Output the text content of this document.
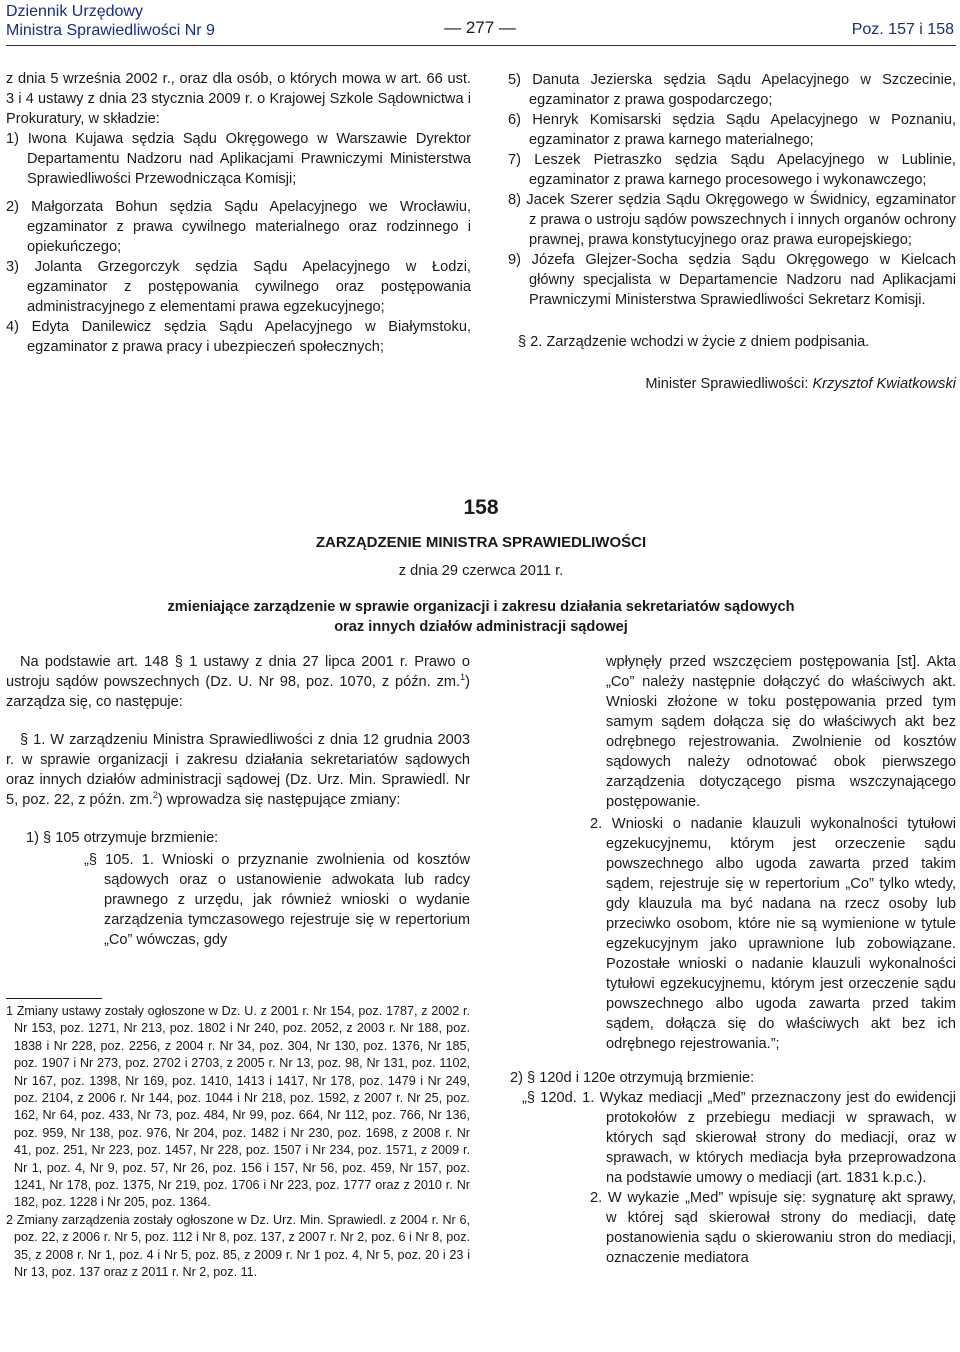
Dziennik Urzędowy
Ministra Sprawiedliwości Nr 9	— 277 —	Poz. 157 i 158

z dnia 5 września 2002 r., oraz dla osób, o których mowa w art. 66 ust. 3 i 4 ustawy z dnia 23 stycznia 2009 r. o Krajowej Szkole Sądownictwa i Prokuratury, w składzie:

1) Iwona Kujawa sędzia Sądu Okręgowego w Warszawie Dyrektor Departamentu Nadzoru nad Aplikacjami Prawniczymi Ministerstwa Sprawiedliwości Przewodnicząca Komisji;

2) Małgorzata Bohun sędzia Sądu Apelacyjnego we Wrocławiu, egzaminator z prawa cywilnego materialnego oraz rodzinnego i opiekuńczego;

3) Jolanta Grzegorczyk sędzia Sądu Apelacyjnego w Łodzi, egzaminator z postępowania cywilnego oraz postępowania administracyjnego z elementami prawa egzekucyjnego;

4) Edyta Danilewicz sędzia Sądu Apelacyjnego w Białymstoku, egzaminator z prawa pracy i ubezpieczeń społecznych;

5) Danuta Jezierska sędzia Sądu Apelacyjnego w Szczecinie, egzaminator z prawa gospodarczego;

6) Henryk Komisarski sędzia Sądu Apelacyjnego w Poznaniu, egzaminator z prawa karnego materialnego;

7) Leszek Pietraszko sędzia Sądu Apelacyjnego w Lublinie, egzaminator z prawa karnego procesowego i wykonawczego;

8) Jacek Szerer sędzia Sądu Okręgowego w Świdnicy, egzaminator z prawa o ustroju sądów powszechnych i innych organów ochrony prawnej, prawa konstytucyjnego oraz prawa europejskiego;

9) Józefa Glejzer-Socha sędzia Sądu Okręgowego w Kielcach główny specjalista w Departamencie Nadzoru nad Aplikacjami Prawniczymi Ministerstwa Sprawiedliwości Sekretarz Komisji.

§ 2. Zarządzenie wchodzi w życie z dniem podpisania.

Minister Sprawiedliwości: Krzysztof Kwiatkowski

158
ZARZĄDZENIE MINISTRA SPRAWIEDLIWOŚCI
z dnia 29 czerwca 2011 r.
zmieniające zarządzenie w sprawie organizacji i zakresu działania sekretariatów sądowych
oraz innych działów administracji sądowej

Na podstawie art. 148 § 1 ustawy z dnia 27 lipca 2001 r. Prawo o ustroju sądów powszechnych (Dz. U. Nr 98, poz. 1070, z późn. zm.$^1$) zarządza się, co następuje:

§ 1. W zarządzeniu Ministra Sprawiedliwości z dnia 12 grudnia 2003 r. w sprawie organizacji i zakresu działania sekretariatów sądowych oraz innych działów administracji sądowej (Dz. Urz. Min. Sprawiedl. Nr 5, poz. 22, z późn. zm.$^2$) wprowadza się następujące zmiany:

1) § 105 otrzymuje brzmienie:

„§ 105. 1. Wnioski o przyznanie zwolnienia od kosztów sądowych oraz o ustanowienie adwokata lub radcy prawnego z urzędu, jak również wnioski o wydanie zarządzenia tymczasowego rejestruje się w repertorium „Co” wówczas, gdy

1 Zmiany ustawy zostały ogłoszone w Dz. U. z 2001 r. Nr 154, poz. 1787, z 2002 r. Nr 153, poz. 1271, Nr 213, poz. 1802 i Nr 240, poz. 2052, z 2003 r. Nr 188, poz. 1838 i Nr 228, poz. 2256, z 2004 r. Nr 34, poz. 304, Nr 130, poz. 1376, Nr 185, poz. 1907 i Nr 273, poz. 2702 i 2703, z 2005 r. Nr 13, poz. 98, Nr 131, poz. 1102, Nr 167, poz. 1398, Nr 169, poz. 1410, 1413 i 1417, Nr 178, poz. 1479 i Nr 249, poz. 2104, z 2006 r. Nr 144, poz. 1044 i Nr 218, poz. 1592, z 2007 r. Nr 25, poz. 162, Nr 64, poz. 433, Nr 73, poz. 484, Nr 99, poz. 664, Nr 112, poz. 766, Nr 136, poz. 959, Nr 138, poz. 976, Nr 204, poz. 1482 i Nr 230, poz. 1698, z 2008 r. Nr 41, poz. 251, Nr 223, poz. 1457, Nr 228, poz. 1507 i Nr 234, poz. 1571, z 2009 r. Nr 1, poz. 4, Nr 9, poz. 57, Nr 26, poz. 156 i 157, Nr 56, poz. 459, Nr 157, poz. 1241, Nr 178, poz. 1375, Nr 219, poz. 1706 i Nr 223, poz. 1777 oraz z 2010 r. Nr 182, poz. 1228 i Nr 205, poz. 1364.

2 Zmiany zarządzenia zostały ogłoszone w Dz. Urz. Min. Sprawiedl. z 2004 r. Nr 6, poz. 22, z 2006 r. Nr 5, poz. 112 i Nr 8, poz. 137, z 2007 r. Nr 2, poz. 6 i Nr 8, poz. 35, z 2008 r. Nr 1, poz. 4 i Nr 5, poz. 85, z 2009 r. Nr 1 poz. 4, Nr 5, poz. 20 i 23 i Nr 13, poz. 137 oraz z 2011 r. Nr 2, poz. 11.

wpłynęły przed wszczęciem postępowania [st]. Akta „Co” należy następnie dołączyć do właściwych akt. Wnioski złożone w toku postępowania przed tym samym sądem dołącza się do właściwych akt bez odrębnego rejestrowania. Zwolnienie od kosztów sądowych należy odnotować obok pierwszego zarządzenia dotyczącego pisma wszczynającego postępowanie.

2. Wnioski o nadanie klauzuli wykonalności tytułowi egzekucyjnemu, którym jest orzeczenie sądu powszechnego albo ugoda zawarta przed takim sądem, rejestruje się w repertorium „Co” tylko wtedy, gdy klauzula ma być nadana na rzecz osoby lub przeciwko osobom, które nie są wymienione w tytule egzekucyjnym jako uprawnione lub zobowiązane. Pozostałe wnioski o nadanie klauzuli wykonalności tytułowi egzekucyjnemu, którym jest orzeczenie sądu powszechnego albo ugoda zawarta przed takim sądem, dołącza się do właściwych akt bez ich odrębnego rejestrowania.”;

2) § 120d i 120e otrzymują brzmienie:

„§ 120d. 1. Wykaz mediacji „Med” przeznaczony jest do ewidencji protokołów z przebiegu mediacji w sprawach, w których sąd skierował strony do mediacji, oraz w sprawach, w których mediacja była przeprowadzona na podstawie umowy o mediacji (art. 1831 k.p.c.).

2. W wykazie „Med” wpisuje się: sygnaturę akt sprawy, w której sąd skierował strony do mediacji, datę postanowienia sądu o skierowaniu stron do mediacji, oznaczenie mediatora
